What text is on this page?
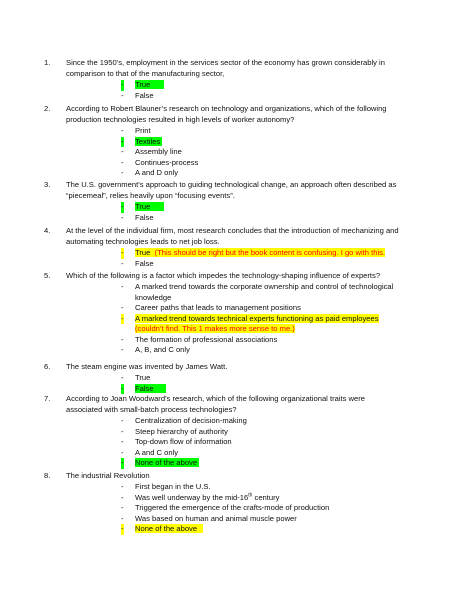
1. Since the 1950’s, employment in the services sector of the economy has grown considerably in
comparison to that of the manufacturing sector,
- True
- False
2. According to Robert Blauner’s research on technology and organizations, which of the following
production technologies resulted in high levels of worker autonomy?
- Print
- Textiles
- Assembly line
- Continues-process
- A and D only
3. The U.S. government’s approach to guiding technological change, an approach often described as
“piecemeal”, relies heavily upon “focusing events”.
- True
- False
4. At the level of the individual firm, most research concludes that the introduction of mechanizing and
automating technologies leads to net job loss.
- True (This should be right but the book content is confusing. I go with this.
- False
5. Which of the following is a factor which impedes the technology-shaping influence of experts?
- A marked trend towards the corporate ownership and control of technological
knowledge
- Career paths that leads to management positions
- A marked trend towards technical experts functioning as paid employees
(couldn’t find. This 1 makes more sense to me.)
- The formation of professional associations
- A, B, and C only
6. The steam engine was invented by James Watt.
- True
- False
7. According to Joan Woodward’s research, which of the following organizational traits were
associated with small-batch process technologies?
- Centralization of decision-making
- Steep hierarchy of authority
- Top-down flow of information
- A and C only
- None of the above
8. The industrial Revolution
- First began in the U.S.
- Was well underway by the mid-16th century
- Triggered the emergence of the crafts-mode of production
- Was based on human and animal muscle power
- None of the above
